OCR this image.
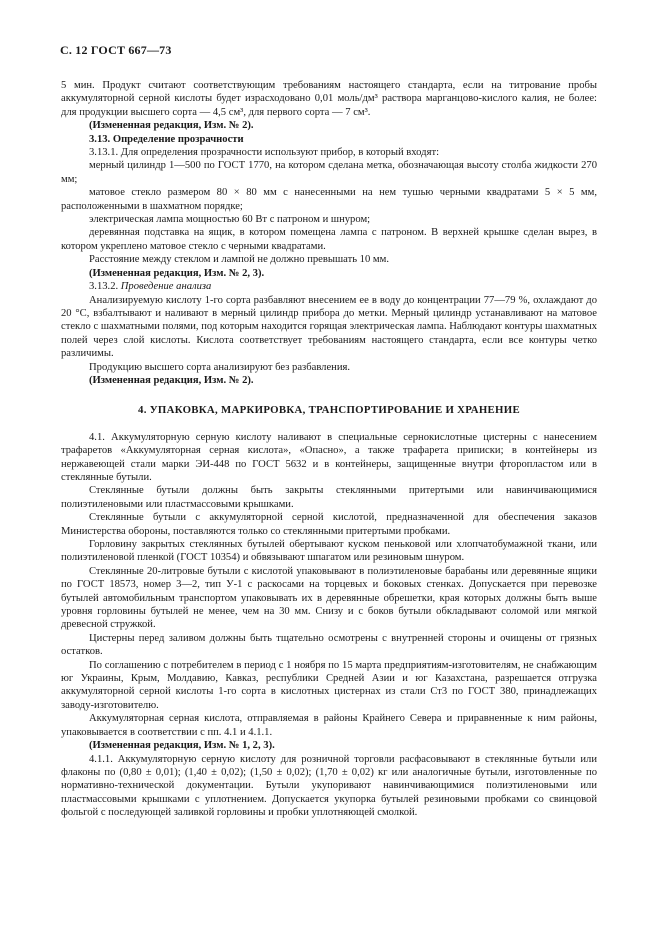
С. 12 ГОСТ 667—73

5 мин. Продукт считают соответствующим требованиям настоящего стандарта, если на титрование пробы аккумуляторной серной кислоты будет израсходовано 0,01 моль/дм³ раствора марганцово-кислого калия, не более: для продукции высшего сорта — 4,5 см³, для первого сорта — 7 см³.

(Измененная редакция, Изм. № 2).

3.13. Определение прозрачности

3.13.1. Для определения прозрачности используют прибор, в который входят:

мерный цилиндр 1—500 по ГОСТ 1770, на котором сделана метка, обозначающая высоту столба жидкости 270 мм;

матовое стекло размером 80 × 80 мм с нанесенными на нем тушью черными квадратами 5 × 5 мм, расположенными в шахматном порядке;

электрическая лампа мощностью 60 Вт с патроном и шнуром;

деревянная подставка на ящик, в котором помещена лампа с патроном. В верхней крышке сделан вырез, в котором укреплено матовое стекло с черными квадратами.

Расстояние между стеклом и лампой не должно превышать 10 мм.

(Измененная редакция, Изм. № 2, 3).

3.13.2. Проведение анализа

Анализируемую кислоту 1-го сорта разбавляют внесением ее в воду до концентрации 77—79 %, охлаждают до 20 °С, взбалтывают и наливают в мерный цилиндр прибора до метки. Мерный цилиндр устанавливают на матовое стекло с шахматными полями, под которым находится горящая электрическая лампа. Наблюдают контуры шахматных полей через слой кислоты. Кислота соответствует требованиям настоящего стандарта, если все контуры четко различимы.

Продукцию высшего сорта анализируют без разбавления.

(Измененная редакция, Изм. № 2).

4. УПАКОВКА, МАРКИРОВКА, ТРАНСПОРТИРОВАНИЕ И ХРАНЕНИЕ

4.1. Аккумуляторную серную кислоту наливают в специальные сернокислотные цистерны с нанесением трафаретов «Аккумуляторная серная кислота», «Опасно», а также трафарета приписки; в контейнеры из нержавеющей стали марки ЭИ-448 по ГОСТ 5632 и в контейнеры, защищенные внутри фторопластом или в стеклянные бутыли.

Стеклянные бутыли должны быть закрыты стеклянными притертыми или навинчивающимися полиэтиленовыми или пластмассовыми крышками.

Стеклянные бутыли с аккумуляторной серной кислотой, предназначенной для обеспечения заказов Министерства обороны, поставляются только со стеклянными притертыми пробками.

Горловину закрытых стеклянных бутылей обертывают куском пеньковой или хлопчатобумажной ткани, или полиэтиленовой пленкой (ГОСТ 10354) и обвязывают шпагатом или резиновым шнуром.

Стеклянные 20-литровые бутыли с кислотой упаковывают в полиэтиленовые барабаны или деревянные ящики по ГОСТ 18573, номер 3—2, тип У-1 с раскосами на торцевых и боковых стенках. Допускается при перевозке бутылей автомобильным транспортом упаковывать их в деревянные обрешетки, края которых должны быть выше уровня горловины бутылей не менее, чем на 30 мм. Снизу и с боков бутыли обкладывают соломой или мягкой древесной стружкой.

Цистерны перед заливом должны быть тщательно осмотрены с внутренней стороны и очищены от грязных остатков.

По соглашению с потребителем в период с 1 ноября по 15 марта предприятиям-изготовителям, не снабжающим юг Украины, Крым, Молдавию, Кавказ, республики Средней Азии и юг Казахстана, разрешается отгрузка аккумуляторной серной кислоты 1-го сорта в кислотных цистернах из стали Ст3 по ГОСТ 380, принадлежащих заводу-изготовителю.

Аккумуляторная серная кислота, отправляемая в районы Крайнего Севера и приравненные к ним районы, упаковывается в соответствии с пп. 4.1 и 4.1.1.

(Измененная редакция, Изм. № 1, 2, 3).

4.1.1. Аккумуляторную серную кислоту для розничной торговли расфасовывают в стеклянные бутыли или флаконы по (0,80 ± 0,01); (1,40 ± 0,02); (1,50 ± 0,02); (1,70 ± 0,02) кг или аналогичные бутыли, изготовленные по нормативно-технической документации. Бутыли укупоривают навинчивающимися полиэтиленовыми или пластмассовыми крышками с уплотнением. Допускается укупорка бутылей резиновыми пробками со свинцовой фольгой с последующей заливкой горловины и пробки уплотняющей смолкой.
